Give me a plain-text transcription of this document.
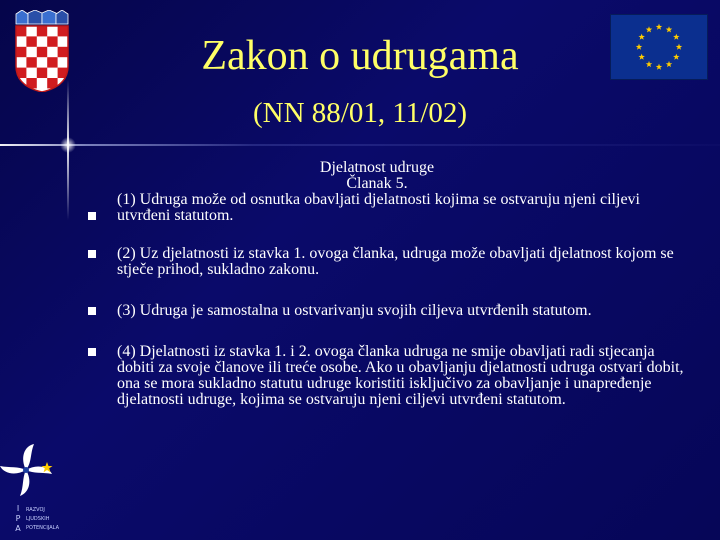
I
P
A
RAZVOJ
LJUDSKIH
POTENCIJALA
Zakon o udrugama
(NN 88/01, 11/02)
Djelatnost udruge
Članak 5.
(1) Udruga može od osnutka obavljati djelatnosti kojima se ostvaruju njeni ciljevi utvrđeni statutom.
(2) Uz djelatnosti iz stavka 1. ovoga članka, udruga može obavljati djelatnost kojom se stječe prihod, sukladno zakonu.
(3) Udruga je samostalna u ostvarivanju svojih ciljeva utvrđenih statutom.
(4) Djelatnosti iz stavka 1. i 2. ovoga članka udruga ne smije obavljati radi stjecanja dobiti za svoje članove ili treće osobe. Ako u obavljanju djelatnosti udruga ostvari dobit, ona se mora sukladno statutu udruge koristiti isključivo za obavljanje i unapređenje djelatnosti udruge, kojima se ostvaruju njeni ciljevi utvrđeni statutom.
